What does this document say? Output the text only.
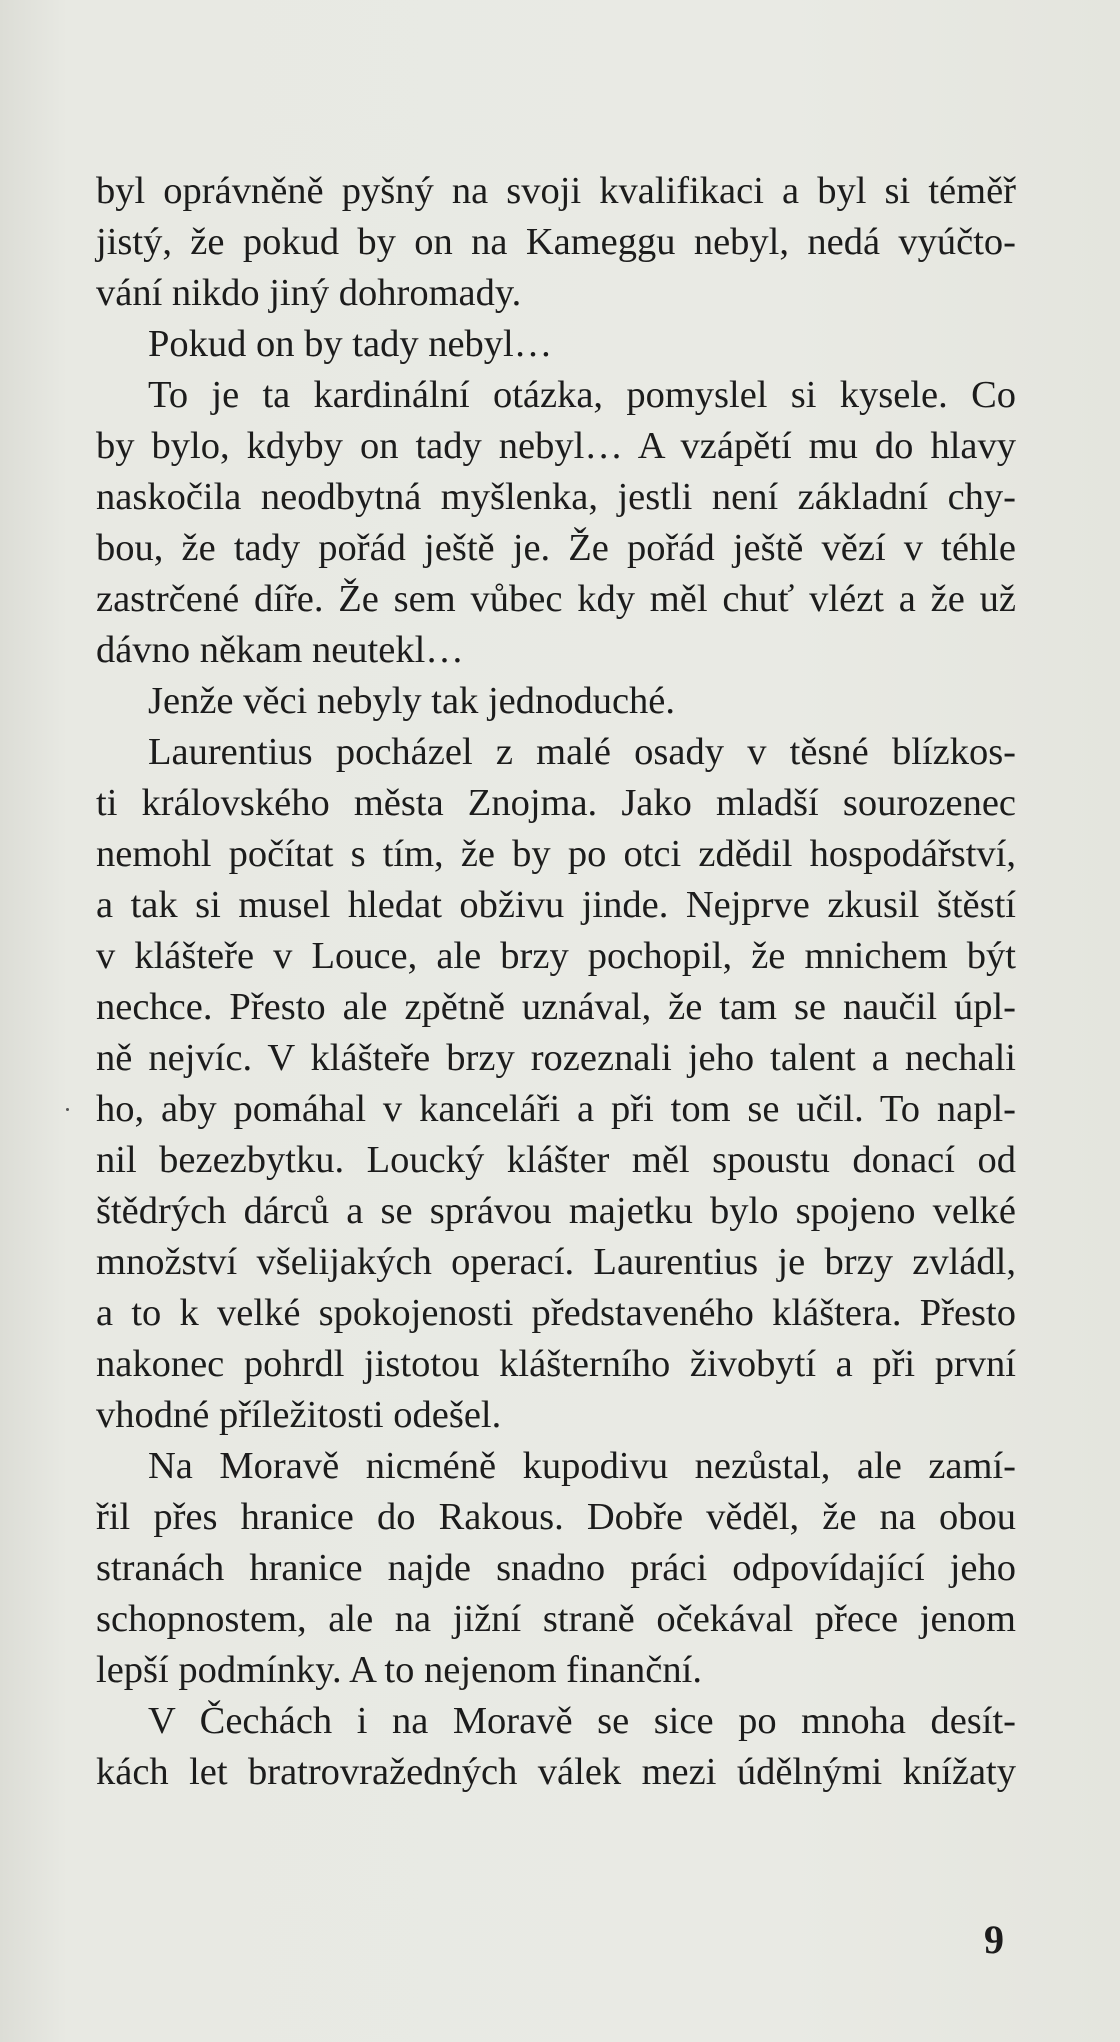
byl oprávněně pyšný na svoji kvalifikaci a byl si téměř
jistý, že pokud by on na Kameggu nebyl, nedá vyúčto-
vání nikdo jiný dohromady.
Pokud on by tady nebyl…
To je ta kardinální otázka, pomyslel si kysele. Co
by bylo, kdyby on tady nebyl… A vzápětí mu do hlavy
naskočila neodbytná myšlenka, jestli není základní chy-
bou, že tady pořád ještě je. Že pořád ještě vězí v téhle
zastrčené díře. Že sem vůbec kdy měl chuť vlézt a že už
dávno někam neutekl…
Jenže věci nebyly tak jednoduché.
Laurentius pocházel z malé osady v těsné blízkos-
ti královského města Znojma. Jako mladší sourozenec
nemohl počítat s tím, že by po otci zdědil hospodářství,
a tak si musel hledat obživu jinde. Nejprve zkusil štěstí
v klášteře v Louce, ale brzy pochopil, že mnichem být
nechce. Přesto ale zpětně uznával, že tam se naučil úpl-
ně nejvíc. V klášteře brzy rozeznali jeho talent a nechali
ho, aby pomáhal v kanceláři a při tom se učil. To napl-
nil bezezbytku. Loucký klášter měl spoustu donací od
štědrých dárců a se správou majetku bylo spojeno velké
množství všelijakých operací. Laurentius je brzy zvládl,
a to k velké spokojenosti představeného kláštera. Přesto
nakonec pohrdl jistotou klášterního živobytí a při první
vhodné příležitosti odešel.
Na Moravě nicméně kupodivu nezůstal, ale zamí-
řil přes hranice do Rakous. Dobře věděl, že na obou
stranách hranice najde snadno práci odpovídající jeho
schopnostem, ale na jižní straně očekával přece jenom
lepší podmínky. A to nejenom finanční.
V Čechách i na Moravě se sice po mnoha desít-
kách let bratrovražedných válek mezi údělnými knížaty
9
